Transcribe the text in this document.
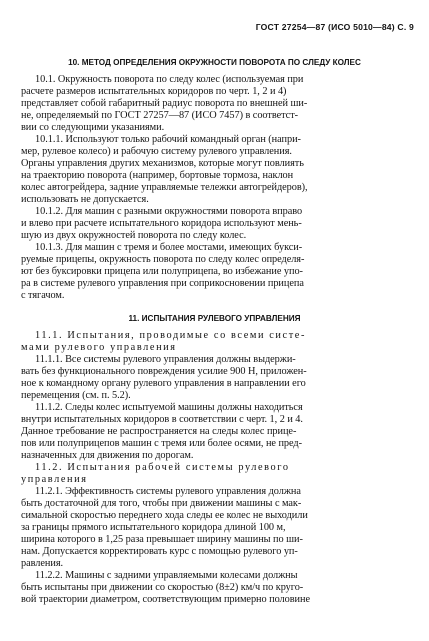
ГОСТ 27254—87 (ИСО 5010—84) С. 9
10. МЕТОД ОПРЕДЕЛЕНИЯ ОКРУЖНОСТИ ПОВОРОТА ПО СЛЕДУ КОЛЕС
10.1. Окружность поворота по следу колес (используемая при
расчете размеров испытательных коридоров по черт. 1, 2 и 4)
представляет собой габаритный радиус поворота по внешней ши-
не, определяемый по ГОСТ 27257—87 (ИСО 7457) в соответст-
вии со следующими указаниями.
10.1.1. Используют только рабочий командный орган (напри-
мер, рулевое колесо) и рабочую систему рулевого управления.
Органы управления других механизмов, которые могут повлиять
на траекторию поворота (например, бортовые тормоза, наклон
колес автогрейдера, задние управляемые тележки автогрейдеров),
использовать не допускается.
10.1.2. Для машин с разными окружностями поворота вправо
и влево при расчете испытательного коридора используют мень-
шую из двух окружностей поворота по следу колес.
10.1.3. Для машин с тремя и более мостами, имеющих букси-
руемые прицепы, окружность поворота по следу колес определя-
ют без буксировки прицепа или полуприцепа, во избежание упо-
ра в системе рулевого управления при соприкосновении прицепа
с тягачом.
11. ИСПЫТАНИЯ РУЛЕВОГО УПРАВЛЕНИЯ
11.1. Испытания, проводимые со всеми систе-
мами рулевого управления
11.1.1. Все системы рулевого управления должны выдержи-
вать без функционального повреждения усилие 900 Н, приложен-
ное к командному органу рулевого управления в направлении его
перемещения (см. п. 5.2).
11.1.2. Следы колес испытуемой машины должны находиться
внутри испытательных коридоров в соответствии с черт. 1, 2 и 4.
Данное требование не распространяется на следы колес прице-
пов или полуприцепов машин с тремя или более осями, не пред-
назначенных для движения по дорогам.
11.2. Испытания рабочей системы рулевого
управления
11.2.1. Эффективность системы рулевого управления должна
быть достаточной для того, чтобы при движении машины с мак-
симальной скоростью переднего хода следы ее колес не выходили
за границы прямого испытательного коридора длиной 100 м,
ширина которого в 1,25 раза превышает ширину машины по ши-
нам. Допускается корректировать курс с помощью рулевого уп-
равления.
11.2.2. Машины с задними управляемыми колесами должны
быть испытаны при движении со скоростью (8±2) км/ч по круго-
вой траектории диаметром, соответствующим примерно половине
